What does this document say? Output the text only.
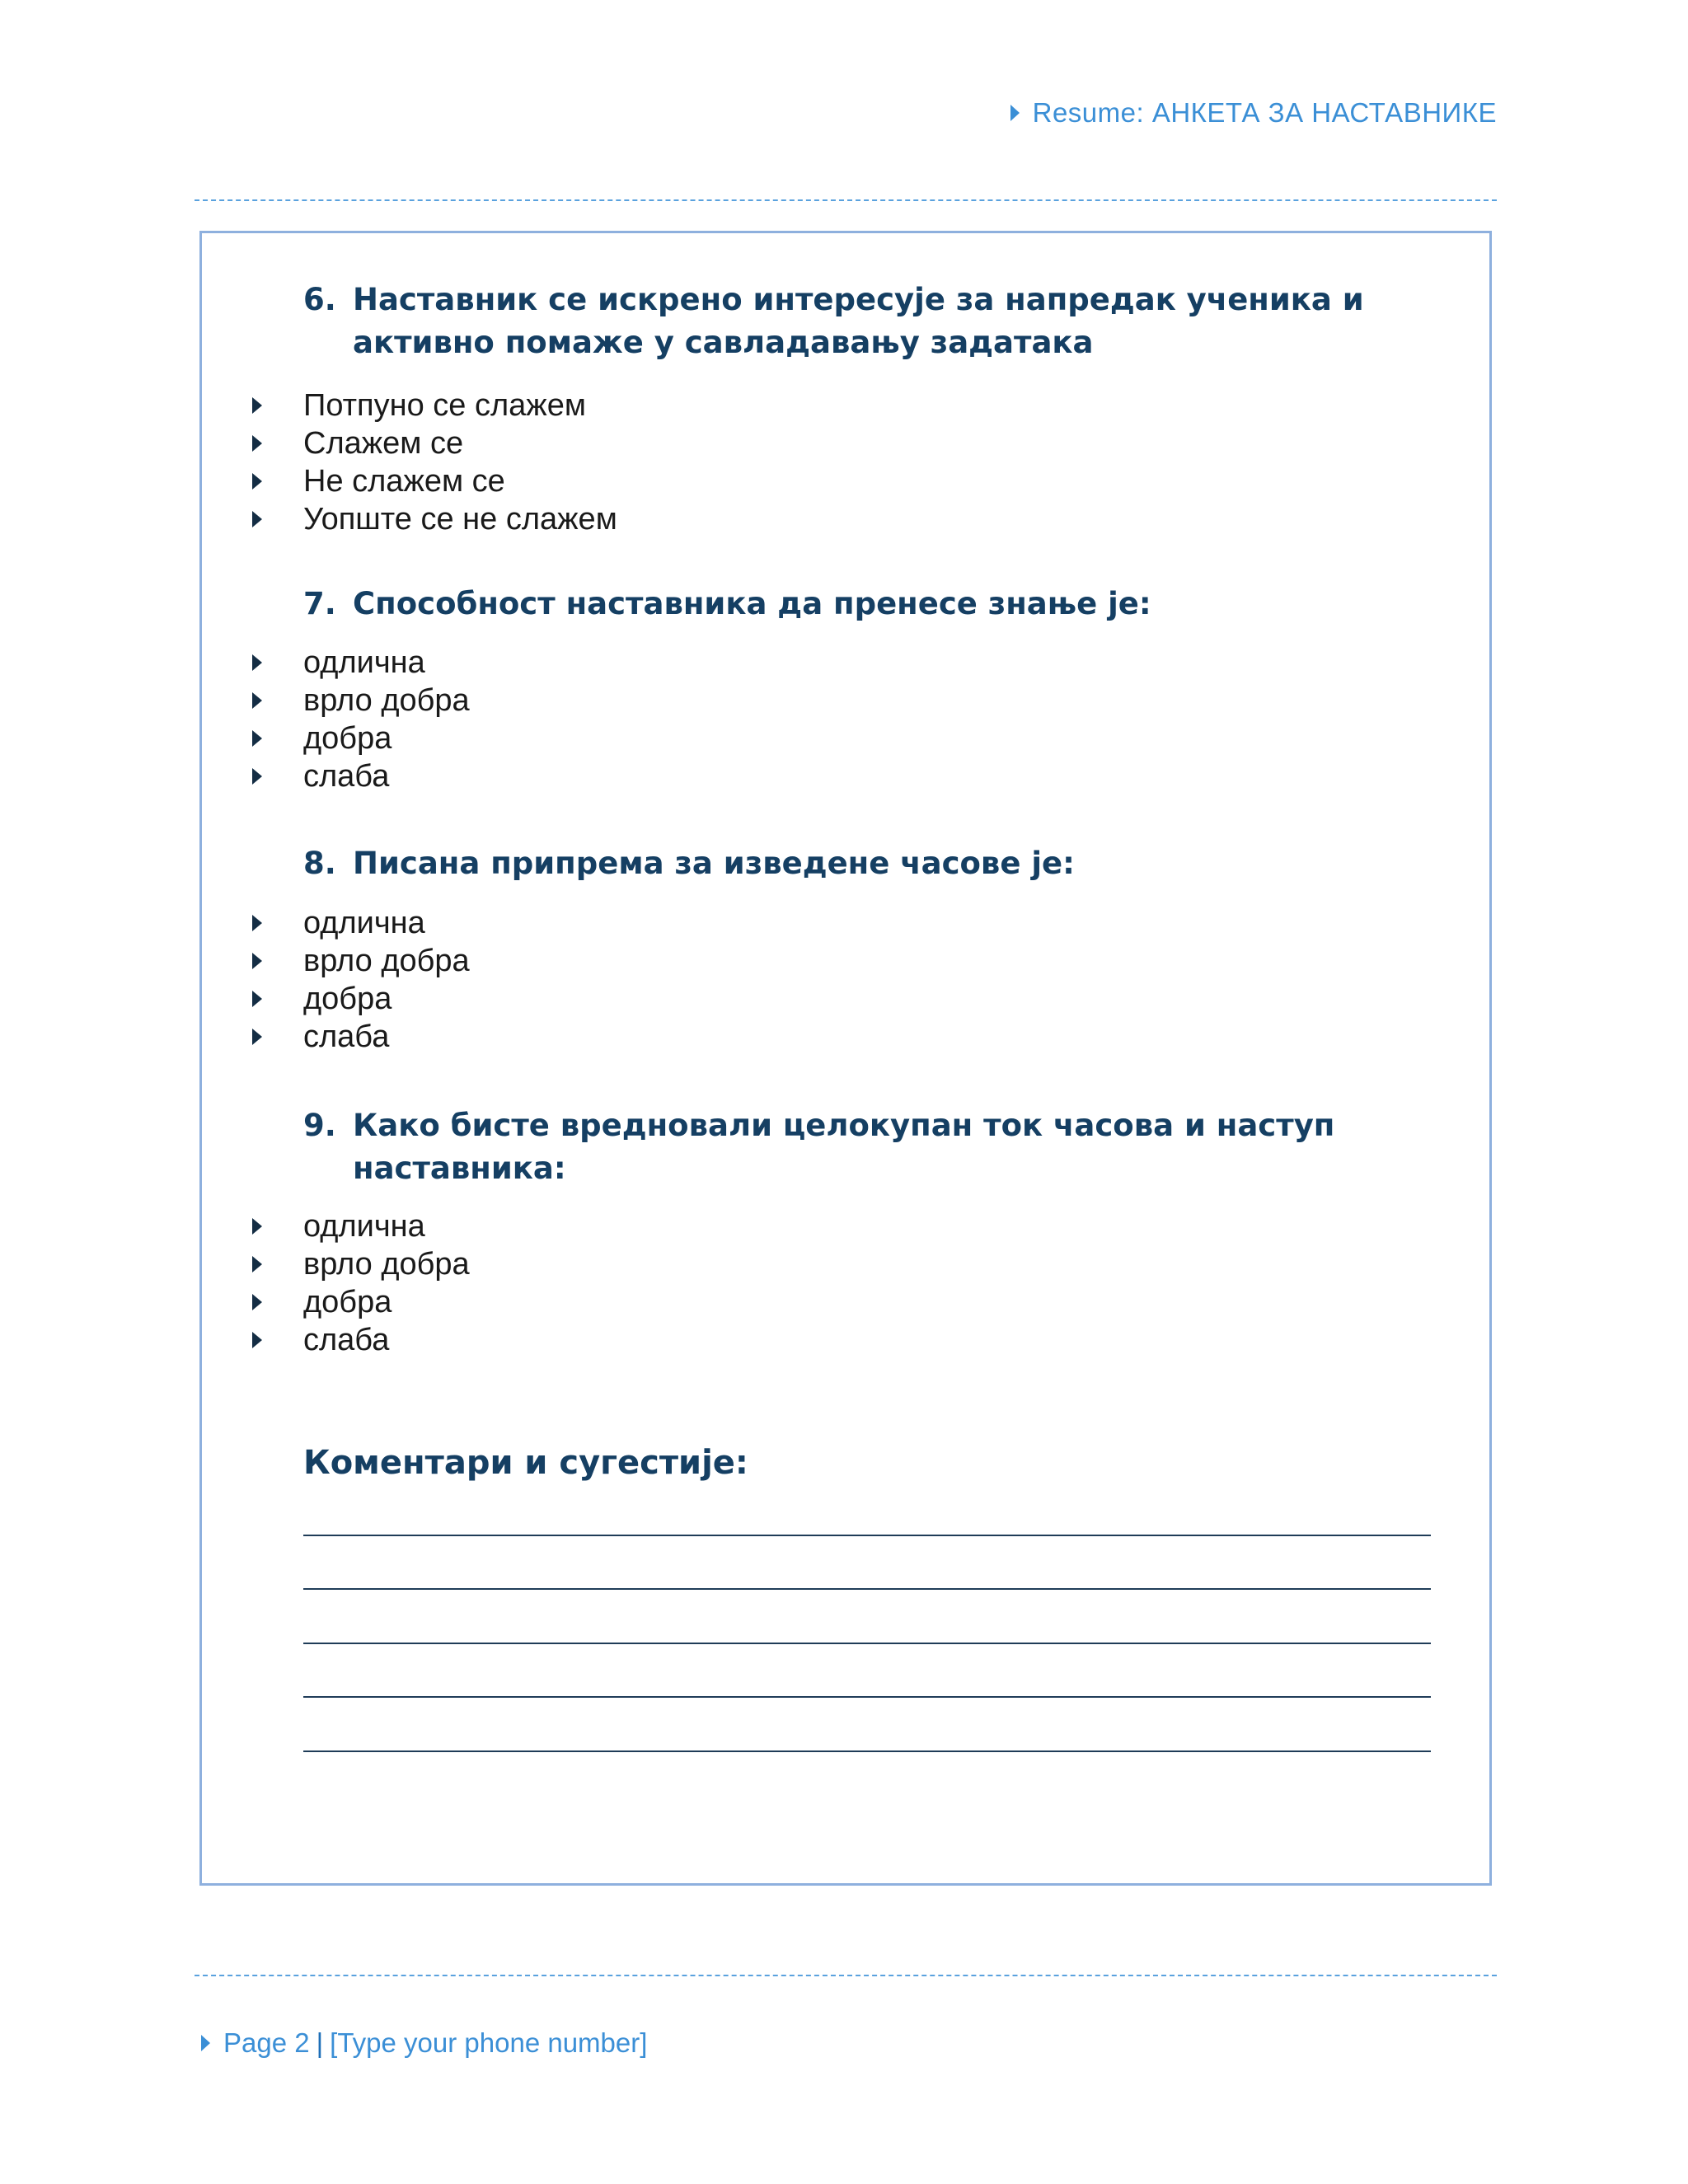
Resume: АНКЕТА ЗА НАСТАВНИКЕ
6. Наставник се искрено интересује за напредак ученика и активно помаже у савладавању задатака
Потпуно се слажем
Слажем се
Не слажем се
Уопште се не слажем
7. Способност наставника да пренесе знање је:
одлична
врло добра
добра
слаба
8. Писана припрема за изведене часове је:
одлична
врло добра
добра
слаба
9. Како бисте вредновали целокупан ток часова и наступ наставника:
одлична
врло добра
добра
слаба
Коментари и сугестије:
Page 2 | [Type your phone number]
